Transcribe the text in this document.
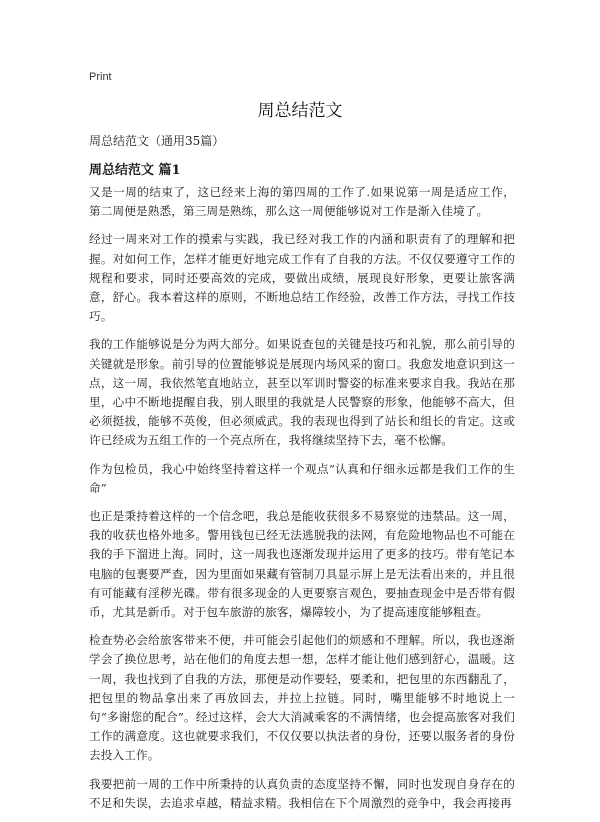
Print
周总结范文

周总结范文（通用35篇）

周总结范文 篇1

又是一周的结束了，这已经来上海的第四周的工作了.如果说第一周是适应工作，第二周便是熟悉，第三周是熟练，那么这一周便能够说对工作是渐入佳境了。

经过一周来对工作的摸索与实践，我已经对我工作的内涵和职责有了的理解和把握。对如何工作，怎样才能更好地完成工作有了自我的方法。不仅仅要遵守工作的规程和要求，同时还要高效的完成，要做出成绩，展现良好形象，更要让旅客满意，舒心。我本着这样的原则，不断地总结工作经验，改善工作方法，寻找工作技巧。

我的工作能够说是分为两大部分。如果说查包的关键是技巧和礼貌，那么前引导的关键就是形象。前引导的位置能够说是展现内场风采的窗口。我愈发地意识到这一点，这一周，我依然笔直地站立，甚至以军训时警姿的标准来要求自我。我站在那里，心中不断地提醒自我，别人眼里的我就是人民警察的形象，他能够不高大，但必须挺拔，能够不英俊，但必须威武。我的表现也得到了站长和组长的肯定。这或许已经成为五组工作的一个亮点所在，我将继续坚持下去，毫不松懈。

作为包检员，我心中始终坚持着这样一个观点“认真和仔细永远都是我们工作的生命”

也正是秉持着这样的一个信念吧，我总是能收获很多不易察觉的违禁品。这一周，我的收获也格外地多。警用钱包已经无法逃脱我的法网，有危险地物品也不可能在我的手下溜进上海。同时，这一周我也逐渐发现并运用了更多的技巧。带有笔记本电脑的包裹要严查，因为里面如果藏有管制刀具显示屏上是无法看出来的，并且很有可能藏有淫秽光碟。带有很多现金的人更要察言观色，要抽查现金中是否带有假币，尤其是新币。对于包车旅游的旅客，爆障较小，为了提高速度能够粗查。

检查势必会给旅客带来不便，并可能会引起他们的烦感和不理解。所以，我也逐渐学会了换位思考，站在他们的角度去想一想，怎样才能让他们感到舒心，温暖。这一周，我也找到了自我的方法，那便是动作要轻，要柔和，把包里的东西翻乱了，把包里的物品拿出来了再放回去，并拉上拉链。同时，嘴里能够不时地说上一句“多谢您的配合”。经过这样，会大大消减乘客的不满情绪，也会提高旅客对我们工作的满意度。这也就要求我们，不仅仅要以执法者的身份，还要以服务者的身份去投入工作。

我要把前一周的工作中所秉持的认真负责的态度坚持不懈，同时也发现自身存在的不足和失误，去追求卓越，精益求精。我相信在下个周激烈的竞争中，我会再接再
